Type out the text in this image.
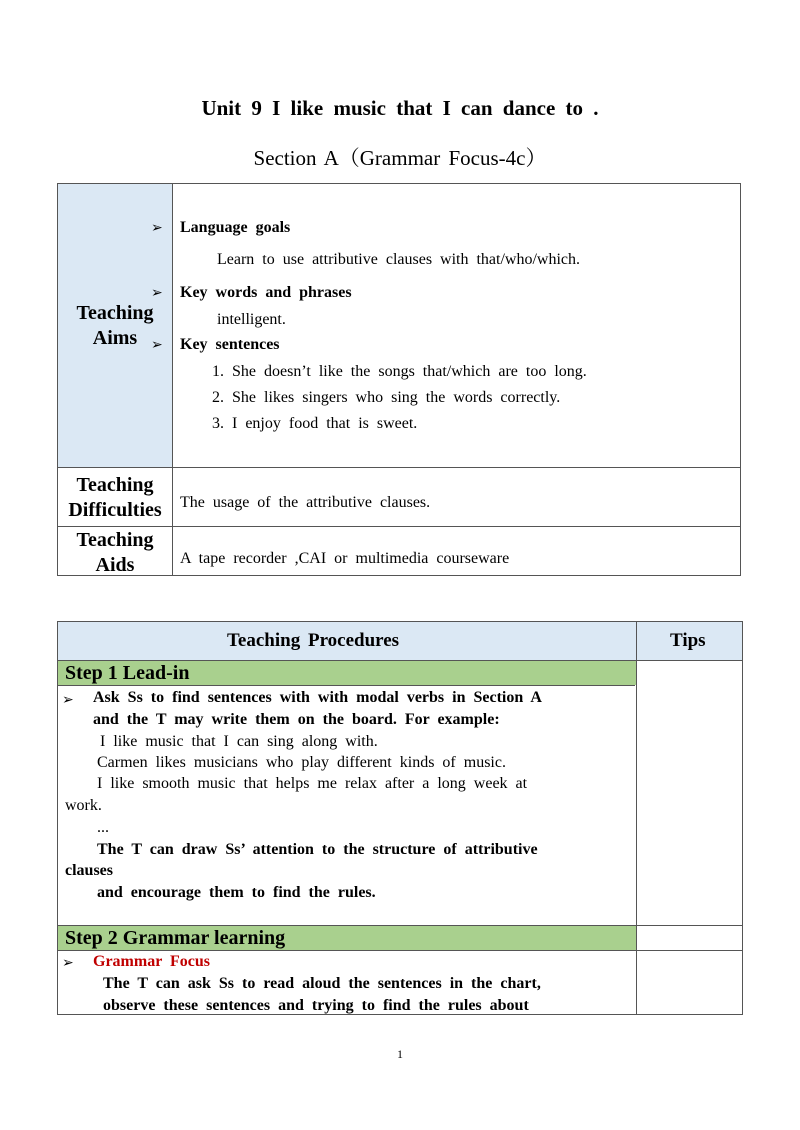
Unit 9 I like music that I can dance to .
Section A（Grammar Focus-4c）
Teaching
Aims
Teaching
Difficulties
Teaching
Aids
➢ Language goals
Learn to use attributive clauses with that/who/which.
➢ Key words and phrases
intelligent.
➢ Key sentences
1. She doesn’t like the songs that/which are too long.
2. She likes singers who sing the words correctly.
3. I enjoy food that is sweet.
The usage of the attributive clauses.
A tape recorder ,CAI or multimedia courseware
Teaching Procedures	Tips
Step 1 Lead-in
➢ Ask Ss to find sentences with with modal verbs in Section A
and the T may write them on the board. For example:
I like music that I can sing along with.
Carmen likes musicians who play different kinds of music.
I like smooth music that helps me relax after a long week at
work.
...
The T can draw Ss’ attention to the structure of attributive
clauses
and encourage them to find the rules.
Step 2 Grammar learning
➢ Grammar Focus
The T can ask Ss to read aloud the sentences in the chart,
observe these sentences and trying to find the rules about
1
